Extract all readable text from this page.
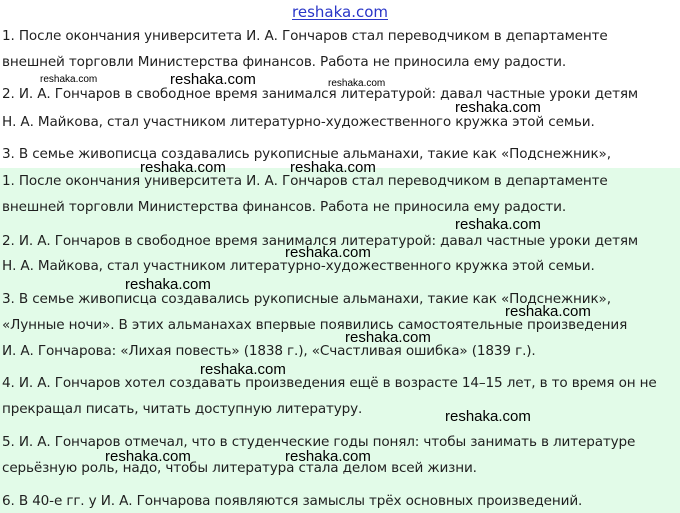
reshaka.com
1. После окончания университета И. А. Гончаров стал переводчиком в департаменте
внешней торговли Министерства финансов. Работа не приносила ему радости.
2. И. А. Гончаров в свободное время занимался литературой: давал частные уроки детям
Н. А. Майкова, стал участником литературно-художественного кружка этой семьи.
3. В семье живописца создавались рукописные альманахи, такие как «Подснежник»,
1. После окончания университета И. А. Гончаров стал переводчиком в департаменте
внешней торговли Министерства финансов. Работа не приносила ему радости.
2. И. А. Гончаров в свободное время занимался литературой: давал частные уроки детям
Н. А. Майкова, стал участником литературно-художественного кружка этой семьи.
3. В семье живописца создавались рукописные альманахи, такие как «Подснежник»,
«Лунные ночи». В этих альманахах впервые появились самостоятельные произведения
И. А. Гончарова: «Лихая повесть» (1838 г.), «Счастливая ошибка» (1839 г.).
4. И. А. Гончаров хотел создавать произведения ещё в возрасте 14–15 лет, в то время он не
прекращал писать, читать доступную литературу.
5. И. А. Гончаров отмечал, что в студенческие годы понял: чтобы занимать в литературе
серьёзную роль, надо, чтобы литература стала делом всей жизни.
6. В 40-е гг. у И. А. Гончарова появляются замыслы трёх основных произведений.
reshaka.com	reshaka.com	reshaka.com
reshaka.com
reshaka.com	reshaka.com
reshaka.com
reshaka.com
reshaka.com
reshaka.com
reshaka.com
reshaka.com
reshaka.com
reshaka.com	reshaka.com
